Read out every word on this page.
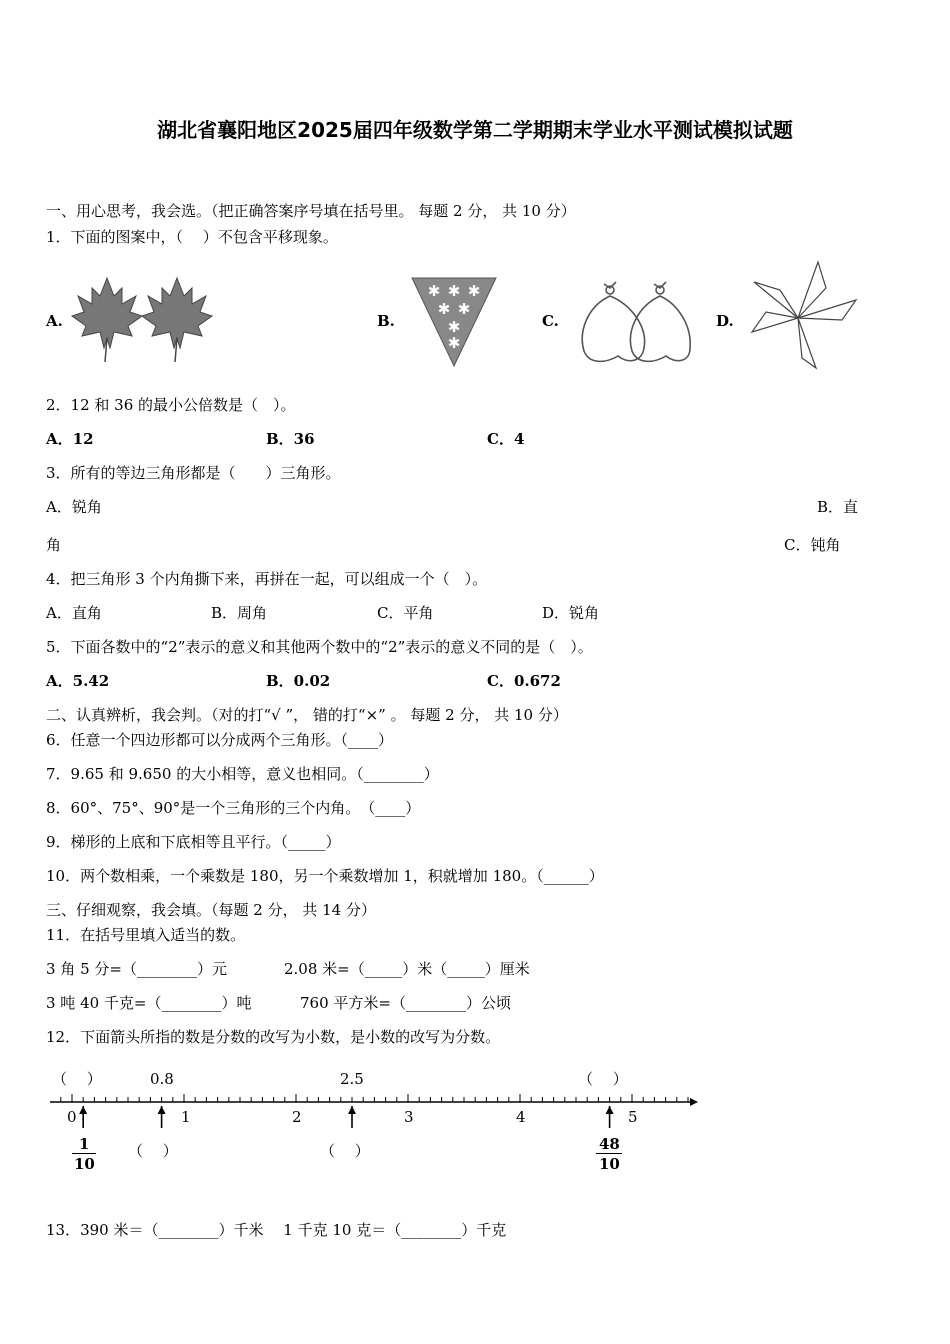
湖北省襄阳地区2025届四年级数学第二学期期末学业水平测试模拟试题
一、用心思考，我会选。（把正确答案序号填在括号里。 每题 2 分， 共 10 分）
1．下面的图案中，（　 ）不包含平移现象。
A.	B.
✱ ✱ ✱
✱ ✱
✱
✱
C.	D.
2．12 和 36 的最小公倍数是（　）。
A．12	B．36	C．4
3．所有的等边三角形都是（　　）三角形。
A．锐角	B．直
角	C．钝角
4．把三角形 3 个内角撕下来，再拼在一起，可以组成一个（　）。
A．直角	B．周角	C．平角	D．锐角
5．下面各数中的“2”表示的意义和其他两个数中的“2”表示的意义不同的是（　）。
A．5.42	B．0.02	C．0.672
二、认真辨析，我会判。（对的打“√ ”， 错的打“×” 。 每题 2 分， 共 10 分）
6．任意一个四边形都可以分成两个三角形。（____）
7．9.65 和 9.650 的大小相等，意义也相同。（________）
8．60°、75°、90°是一个三角形的三个内角。　（____）
9．梯形的上底和下底相等且平行。（_____）
10．两个数相乘，一个乘数是 180，另一个乘数增加 1，积就增加 180。（______）
三、仔细观察，我会填。（每题 2 分， 共 14 分）
11．在括号里填入适当的数。
3 角 5 分=（________）元	2.08 米=（_____）米（_____）厘米
3 吨 40 千克=（________）吨	760 平方米=（________）公顷
12．下面箭头所指的数是分数的改写为小数，是小数的改写为分数。
（　 ）	0.8	2.5	（　 ）
0	1	2	3	4	5
1
10
（　 ）	（　 ）	48
10
13．390 米＝（________）千米　 1 千克 10 克＝（________）千克
